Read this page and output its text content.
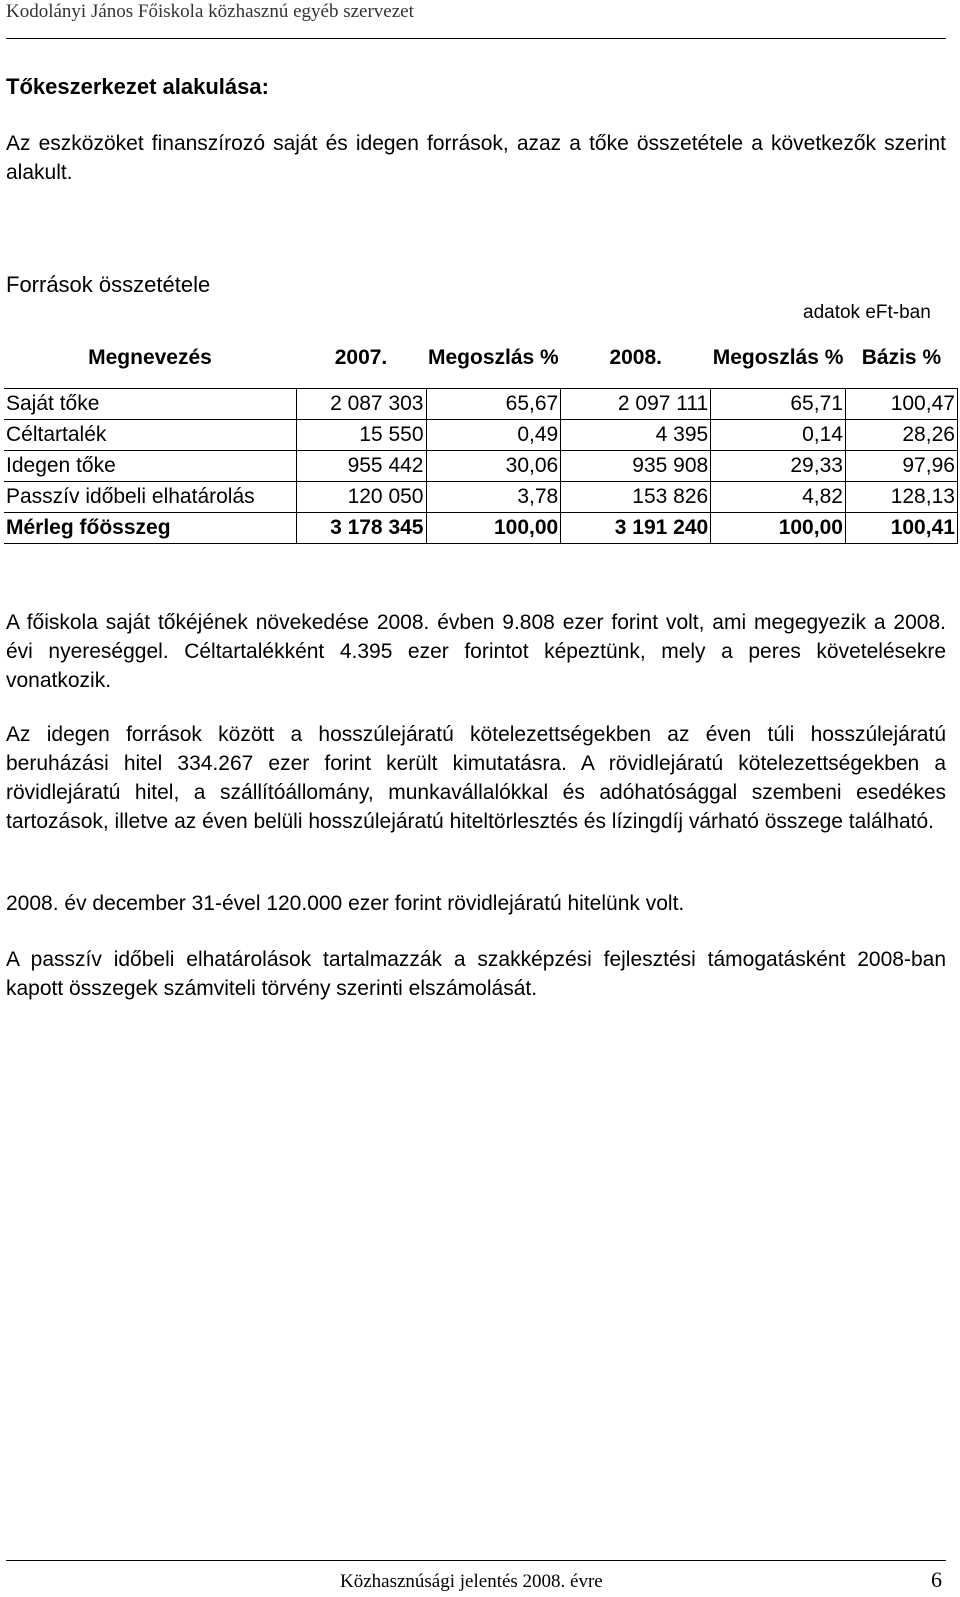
Kodolányi János Főiskola közhasznú egyéb szervezet
Tőkeszerkezet alakulása:
Az eszközöket finanszírozó saját és idegen források, azaz a tőke összetétele a következők szerint alakult.
Források összetétele
adatok eFt-ban
Megnevezés	2007.	Megoszlás %	2008.	Megoszlás %	Bázis %
Saját tőke	2 087 303	65,67	2 097 111	65,71	100,47
Céltartalék	15 550	0,49	4 395	0,14	28,26
Idegen tőke	955 442	30,06	935 908	29,33	97,96
Passzív időbeli elhatárolás	120 050	3,78	153 826	4,82	128,13
Mérleg főösszeg	3 178 345	100,00	3 191 240	100,00	100,41
A főiskola saját tőkéjének növekedése 2008. évben 9.808 ezer forint volt, ami megegyezik a 2008. évi nyereséggel. Céltartalékként 4.395 ezer forintot képeztünk, mely a peres követelésekre vonatkozik.
Az idegen források között a hosszúlejáratú kötelezettségekben az éven túli hosszúlejáratú beruházási hitel 334.267 ezer forint került kimutatásra. A rövidlejáratú kötelezettségekben a rövidlejáratú hitel, a szállítóállomány, munkavállalókkal és adóhatósággal szembeni esedékes tartozások, illetve az éven belüli hosszúlejáratú hiteltörlesztés és lízingdíj várható összege található.
2008. év december 31-ével 120.000 ezer forint rövidlejáratú hitelünk volt.
A passzív időbeli elhatárolások tartalmazzák a szakképzési fejlesztési támogatásként 2008-ban kapott összegek számviteli törvény szerinti elszámolását.
Közhasznúsági jelentés 2008. évre	6
